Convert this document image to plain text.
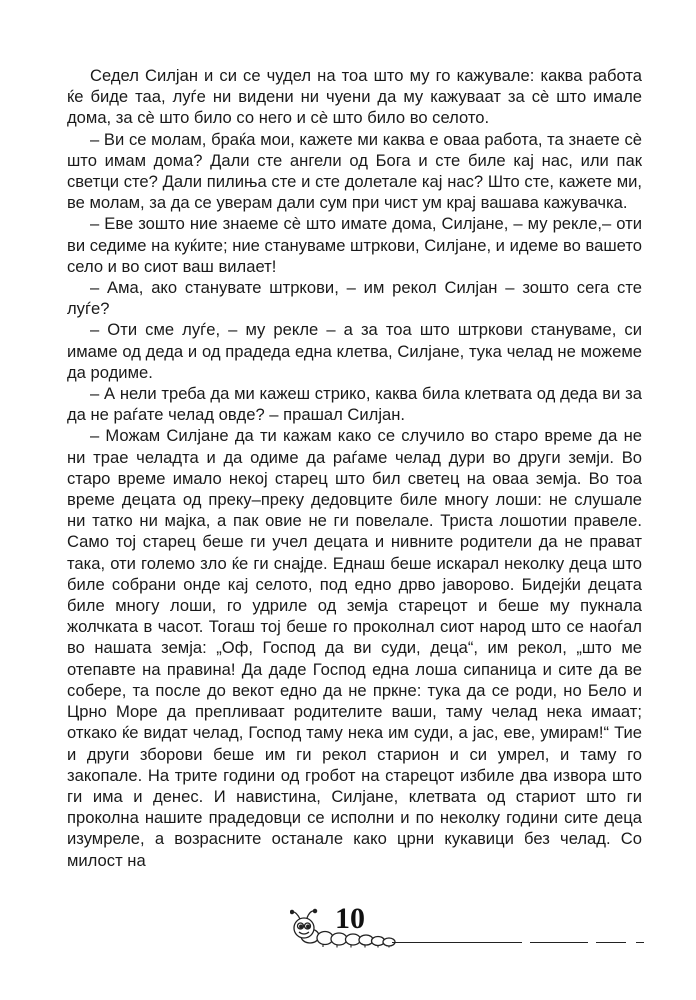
Седел Силјан и си се чудел на тоа што му го кажувале: каква работа ќе биде таа, луѓе ни видени ни чуени да му кажуваат за сè што имале дома, за сè што било со него и сè што било во селото.

– Ви се молам, браќа мои, кажете ми каква е оваа работа, та знаете сè што имам дома? Дали сте ангели од Бога и сте биле кај нас, или пак светци сте? Дали пилиња сте и сте долетале кај нас? Што сте, кажете ми, ве молам, за да се уверам дали сум при чист ум крај вашава кажувачка.

– Еве зошто ние знаеме сè што имате дома, Силјане, – му рекле,– оти ви седиме на куќите; ние стануваме штркови, Силјане, и идеме во вашето село и во сиот ваш вилает!

– Ама, ако станувате штркови, – им рекол Силјан – зошто сега сте луѓе?

– Оти сме луѓе, – му рекле – а за тоа што штркови стануваме, си имаме од деда и од прадеда една клетва, Силјане, тука челад не можеме да родиме.

– А нели треба да ми кажеш стрико, каква била клетвата од деда ви за да не раѓате челад овде? – прашал Силјан.

– Можам Силјане да ти кажам како се случило во старо време да не ни трае челадта и да одиме да раѓаме челад дури во други земји. Во старо време имало некој старец што бил светец на оваа земја. Во тоа време децата од преку–преку дедовците биле многу лоши: не слушале ни татко ни мајка, а пак овие не ги повелале. Триста лошотии правеле. Само тој старец беше ги учел децата и нивните родители да не прават така, оти големо зло ќе ги снајде. Еднаш беше искарал неколку деца што биле собрани онде кај селото, под едно дрво јаворово. Бидејќи децата биле многу лоши, го удриле од земја старецот и беше му пукнала жолчката в часот. Тогаш тој беше го проколнал сиот народ што се наоѓал во нашата земја: „Оф, Господ да ви суди, деца“, им рекол, „што ме отепавте на правина! Да даде Господ една лоша сипаница и сите да ве собере, та после до векот едно да не пркне: тука да се роди, но Бело и Црно Море да препливаат родителите ваши, таму челад нека имаат; откако ќе видат челад, Господ таму нека им суди, а јас, еве, умирам!“ Тие и други зборови беше им ги рекол старион и си умрел, и таму го закопале. На трите години од гробот на старецот избиле два извора што ги има и денес. И навистина, Силјане, клетвата од стариот што ги проколна нашите прадедовци се исполни и по неколку години сите деца изумреле, а возрасните останале како црни кукавици без челад. Со милост на

10
